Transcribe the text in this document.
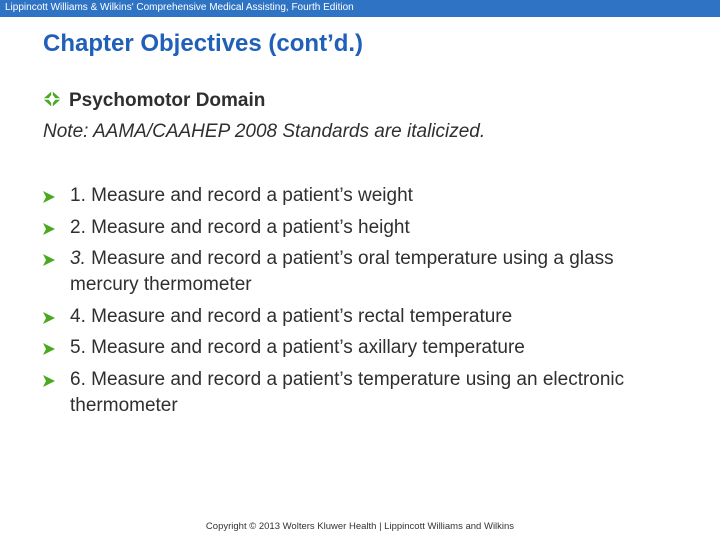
Lippincott Williams & Wilkins' Comprehensive Medical Assisting, Fourth Edition
Chapter Objectives (cont’d.)
Psychomotor Domain
Note: AAMA/CAAHEP 2008 Standards are italicized.
1. Measure and record a patient’s weight
2. Measure and record a patient’s height
3. Measure and record a patient’s oral temperature using a glass mercury thermometer
4. Measure and record a patient’s rectal temperature
5. Measure and record a patient’s axillary temperature
6. Measure and record a patient’s temperature using an electronic thermometer
Copyright © 2013 Wolters Kluwer Health | Lippincott Williams and Wilkins
